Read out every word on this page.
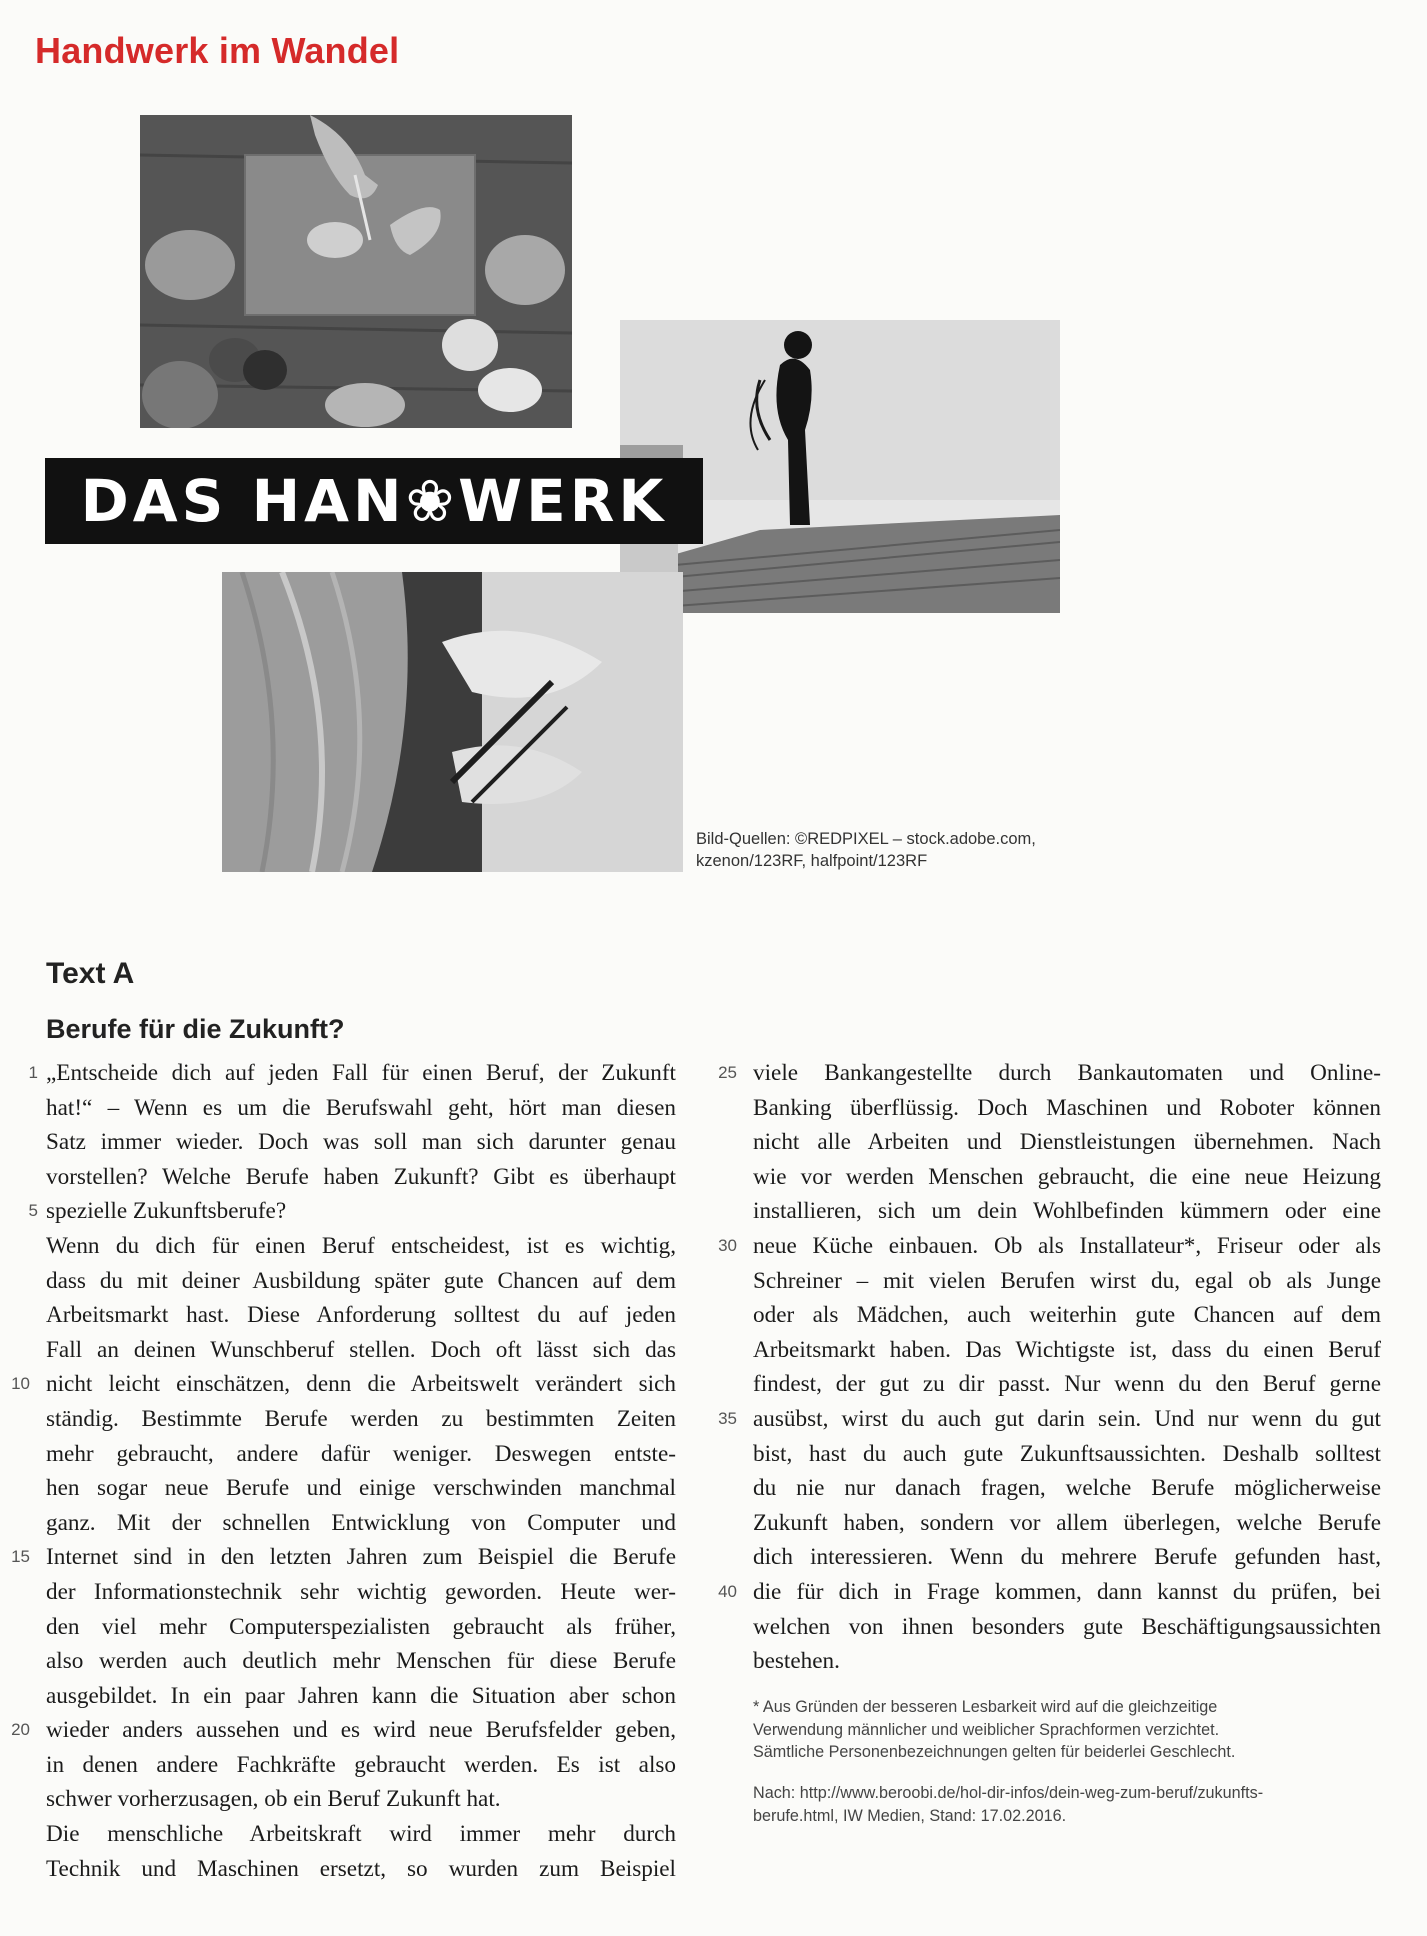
Handwerk im Wandel
DAS HAN❀WERK
Bild-Quellen: ©REDPIXEL – stock.adobe.com,
kzenon/123RF, halfpoint/123RF
Text A
Berufe für die Zukunft?
1
5
10
15
20
25
30
35
40
„Entscheide dich auf jeden Fall für einen Beruf, der Zukunft
hat!“ – Wenn es um die Berufswahl geht, hört man diesen
Satz immer wieder. Doch was soll man sich darunter genau
vorstellen? Welche Berufe haben Zukunft? Gibt es überhaupt
spezielle Zukunftsberufe?
Wenn du dich für einen Beruf entscheidest, ist es wichtig,
dass du mit deiner Ausbildung später gute Chancen auf dem
Arbeitsmarkt hast. Diese Anforderung solltest du auf jeden
Fall an deinen Wunschberuf stellen. Doch oft lässt sich das
nicht leicht einschätzen, denn die Arbeitswelt verändert sich
ständig. Bestimmte Berufe werden zu bestimmten Zeiten
mehr gebraucht, andere dafür weniger. Deswegen entste-
hen sogar neue Berufe und einige verschwinden manchmal
ganz. Mit der schnellen Entwicklung von Computer und
Internet sind in den letzten Jahren zum Beispiel die Berufe
der Informationstechnik sehr wichtig geworden. Heute wer-
den viel mehr Computerspezialisten gebraucht als früher,
also werden auch deutlich mehr Menschen für diese Berufe
ausgebildet. In ein paar Jahren kann die Situation aber schon
wieder anders aussehen und es wird neue Berufsfelder geben,
in denen andere Fachkräfte gebraucht werden. Es ist also
schwer vorherzusagen, ob ein Beruf Zukunft hat.
Die menschliche Arbeitskraft wird immer mehr durch
Technik und Maschinen ersetzt, so wurden zum Beispiel
viele Bankangestellte durch Bankautomaten und Online-
Banking überflüssig. Doch Maschinen und Roboter können
nicht alle Arbeiten und Dienstleistungen übernehmen. Nach
wie vor werden Menschen gebraucht, die eine neue Heizung
installieren, sich um dein Wohlbefinden kümmern oder eine
neue Küche einbauen. Ob als Installateur*, Friseur oder als
Schreiner – mit vielen Berufen wirst du, egal ob als Junge
oder als Mädchen, auch weiterhin gute Chancen auf dem
Arbeitsmarkt haben. Das Wichtigste ist, dass du einen Beruf
findest, der gut zu dir passt. Nur wenn du den Beruf gerne
ausübst, wirst du auch gut darin sein. Und nur wenn du gut
bist, hast du auch gute Zukunftsaussichten. Deshalb solltest
du nie nur danach fragen, welche Berufe möglicherweise
Zukunft haben, sondern vor allem überlegen, welche Berufe
dich interessieren. Wenn du mehrere Berufe gefunden hast,
die für dich in Frage kommen, dann kannst du prüfen, bei
welchen von ihnen besonders gute Beschäftigungsaussichten
bestehen.
* Aus Gründen der besseren Lesbarkeit wird auf die gleichzeitige
Verwendung männlicher und weiblicher Sprachformen verzichtet.
Sämtliche Personenbezeichnungen gelten für beiderlei Geschlecht.
Nach: http://www.beroobi.de/hol-dir-infos/dein-weg-zum-beruf/zukunfts-
berufe.html, IW Medien, Stand: 17.02.2016.
